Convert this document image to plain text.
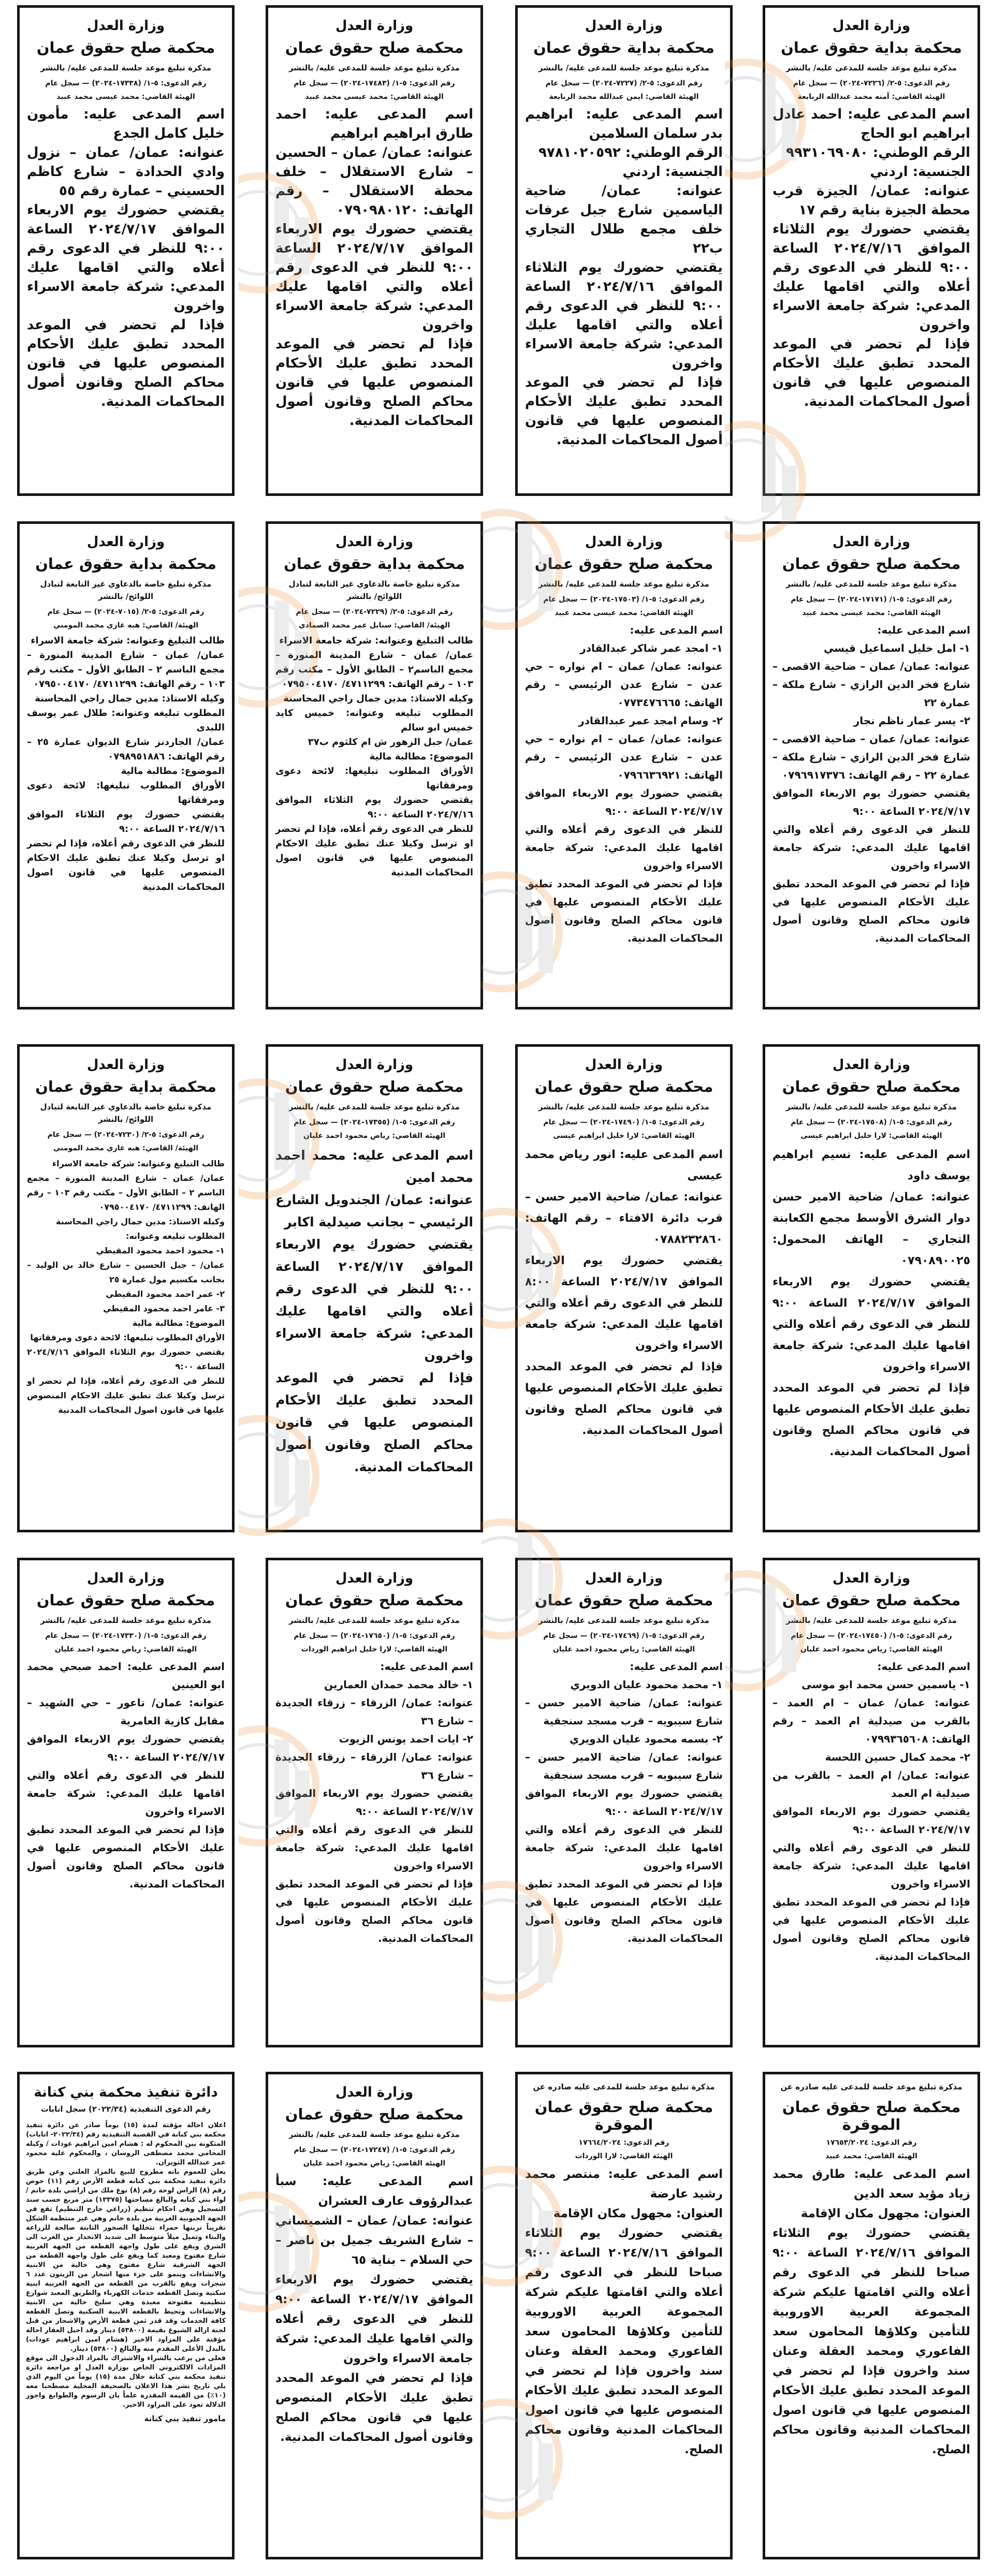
وزارة العدل
محكمة بداية حقوق عمان
مذكرة تبليغ موعد جلسة للمدعى عليه/ بالنشر
رقم الدعوى: ٥-٢/ (٧٢٢٦-٢٠٢٤) — سجل عام
الهيئة القاضي: آمنه محمد عبدالله الربابعة

اسم المدعى عليه: احمد عادل ابراهيم ابو الحاج

الرقم الوطني: ٩٩٣١٠٦٩٠٨٠

الجنسية: اردني

عنوانه: عمان/ الجيزة قرب محطة الجيزة بناية رقم ١٧

يقتضي حضورك يوم الثلاثاء الموافق ٢٠٢٤/٧/١٦ الساعة ٩:٠٠ للنظر في الدعوى رقم أعلاه والتي اقامها عليك المدعي: شركة جامعة الاسراء واخرون

فإذا لم تحضر في الموعد المحدد تطبق عليك الأحكام المنصوص عليها في قانون أصول المحاكمات المدنية.

وزارة العدل
محكمة بداية حقوق عمان
مذكرة تبليغ موعد جلسة للمدعى عليه/ بالنشر
رقم الدعوى: ٥-٢/ (٧٢٢٧-٢٠٢٤) — سجل عام
الهيئة القاضي: ايمن عبدالله محمد الربابعة

اسم المدعى عليه: ابراهيم بدر سلمان السلامين

الرقم الوطني: ٩٧٨١٠٢٠٥٩٢

الجنسية: اردني

عنوانه: عمان/ ضاحية الياسمين شارع جبل عرفات خلف مجمع طلال التجاري ب٢٢

يقتضي حضورك يوم الثلاثاء الموافق ٢٠٢٤/٧/١٦ الساعة ٩:٠٠ للنظر في الدعوى رقم أعلاه والتي اقامها عليك المدعي: شركة جامعة الاسراء واخرون

فإذا لم تحضر في الموعد المحدد تطبق عليك الأحكام المنصوص عليها في قانون أصول المحاكمات المدنية.

وزارة العدل
محكمة صلح حقوق عمان
مذكرة تبليغ موعد جلسة للمدعى عليه/ بالنشر
رقم الدعوى: ٥-١/ (١٧٤٨٣-٢٠٢٤) — سجل عام
الهيئة القاضي: محمد عيسى محمد عبيد

اسم المدعى عليه: احمد طارق ابراهيم ابراهيم

عنوانه: عمان/ عمان – الحسين – شارع الاستقلال – خلف محطة الاستقلال – رقم الهاتف: ٠٧٩٠٩٨٠١٢٠

يقتضي حضورك يوم الاربعاء الموافق ٢٠٢٤/٧/١٧ الساعة ٩:٠٠ للنظر في الدعوى رقم أعلاه والتي اقامها عليك المدعي: شركة جامعة الاسراء واخرون

فإذا لم تحضر في الموعد المحدد تطبق عليك الأحكام المنصوص عليها في قانون محاكم الصلح وقانون أصول المحاكمات المدنية.

وزارة العدل
محكمة صلح حقوق عمان
مذكرة تبليغ موعد جلسة للمدعى عليه/ بالنشر
رقم الدعوى: ٥-١/ (١٧٣٣٨-٢٠٢٤) — سجل عام
الهيئة القاضي: محمد عيسى محمد عبيد

اسم المدعى عليه: مأمون خليل كامل الجدع

عنوانه: عمان/ عمان – نزول وادي الحدادة – شارع كاظم الحسيني – عمارة رقم ٥٥

يقتضي حضورك يوم الاربعاء الموافق ٢٠٢٤/٧/١٧ الساعة ٩:٠٠ للنظر في الدعوى رقم أعلاه والتي اقامها عليك المدعي: شركة جامعة الاسراء واخرون

فإذا لم تحضر في الموعد المحدد تطبق عليك الأحكام المنصوص عليها في قانون محاكم الصلح وقانون أصول المحاكمات المدنية.

وزارة العدل
محكمة صلح حقوق عمان
مذكرة تبليغ موعد جلسة للمدعى عليه/ بالنشر
رقم الدعوى: ٥-١/ (١٧١٧١-٢٠٢٤) — سجل عام
الهيئة القاضي: محمد عيسى محمد عبيد

اسم المدعى عليه:

١- امل خليل اسماعيل قيسي

عنوانه: عمان/ عمان – ضاحية الاقصى – شارع فخر الدين الرازي – شارع ملكة – عمارة ٢٢

٢- يسر عمار ناظم نجار

عنوانه: عمان/ عمان – ضاحية الاقصى – شارع فخر الدين الرازي – شارع ملكة – عمارة ٢٢ – رقم الهاتف: ٠٧٩٦٩١٧٣٧٦

يقتضي حضورك يوم الاربعاء الموافق ٢٠٢٤/٧/١٧ الساعة ٩:٠٠

للنظر في الدعوى رقم أعلاه والتي اقامها عليك المدعي: شركة جامعة الاسراء واخرون

فإذا لم تحضر في الموعد المحدد تطبق عليك الأحكام المنصوص عليها في قانون محاكم الصلح وقانون أصول المحاكمات المدنية.

وزارة العدل
محكمة صلح حقوق عمان
مذكرة تبليغ موعد جلسة للمدعى عليه/ بالنشر
رقم الدعوى: ٥-١/ (١٧٥٠٣-٢٠٢٤) — سجل عام
الهيئة القاضي: محمد عيسى محمد عبيد

اسم المدعى عليه:

١- امجد عمر شاكر عبدالقادر

عنوانه: عمان/ عمان – ام نواره – حي عدن – شارع عدن الرئيسي – رقم الهاتف: ٠٧٧٣٤٧٦٦٦٥

٢- وسام امجد عمر عبدالقادر

عنوانه: عمان/ عمان – ام نواره – حي عدن – شارع عدن الرئيسي – رقم الهاتف: ٠٧٩٦٦٣٦٩٢١

يقتضي حضورك يوم الاربعاء الموافق ٢٠٢٤/٧/١٧ الساعة ٩:٠٠

للنظر في الدعوى رقم أعلاه والتي اقامها عليك المدعي: شركة جامعة الاسراء واخرون

فإذا لم تحضر في الموعد المحدد تطبق عليك الأحكام المنصوص عليها في قانون محاكم الصلح وقانون أصول المحاكمات المدنية.

وزارة العدل
محكمة بداية حقوق عمان
مذكرة تبليغ خاصة بالدعاوي غير التابعة لتبادل اللوائح/ بالنشر
رقم الدعوى: ٥-٢/ (٧٢٢٩-٢٠٢٤) — سجل عام
الهيئة/ القاضي: سنابل عمر محمد الصمادي

طالب التبليغ وعنوانه: شركة جامعة الاسراء

عمان/ عمان – شارع المدينة المنورة – مجمع الباسم٢ – الطابق الأول – مكتب رقم ١٠٣ – رقم الهاتف: ٤٧١١٢٩٩/ ٠٧٩٥٠٠٤١٧٠

وكيله الاستاذ: مدين جمال راجي المحاسنة

المطلوب تبليغه وعنوانه: خميس كايد خميس ابو سالم

عمان/ جبل الزهور ش ام كلثوم ب٣٧

الموضوع: مطالبة مالية

الأوراق المطلوب تبليغها: لائحة دعوى ومرفقاتها

يقتضي حضورك يوم الثلاثاء الموافق ٢٠٢٤/٧/١٦ الساعة ٩:٠٠

للنظر في الدعوى رقم أعلاه، فإذا لم تحضر او ترسل وكيلا عنك تطبق عليك الاحكام المنصوص عليها في قانون اصول المحاكمات المدنية

وزارة العدل
محكمة بداية حقوق عمان
مذكرة تبليغ خاصة بالدعاوي غير التابعة لتبادل اللوائح/ بالنشر
رقم الدعوى: ٥-٢/ (٧٠١٥-٢٠٢٤) — سجل عام
الهيئة/ القاضي: هبه غازي محمد المومني

طالب التبليغ وعنوانه: شركة جامعة الاسراء

عمان/ عمان – شارع المدينة المنورة – مجمع الباسم ٢ – الطابق الأول – مكتب رقم ١٠٣ – رقم الهاتف: ٤٧١١٢٩٩/ ٠٧٩٥٠٠٤١٧٠

وكيله الاستاذ: مدين جمال راجي المحاسنة

المطلوب تبليغه وعنوانه: طلال عمر يوسف اللبدى

عمان/ الجاردنز شارع الديوان عمارة ٢٥ – رقم الهاتف: ٠٧٩٨٩٥١٨٨٦

الموضوع: مطالبة مالية

الأوراق المطلوب تبليغها: لائحة دعوى ومرفقاتها

يقتضي حضورك يوم الثلاثاء الموافق ٢٠٢٤/٧/١٦ الساعة ٩:٠٠

للنظر في الدعوى رقم أعلاه، فإذا لم تحضر او ترسل وكيلا عنك تطبق عليك الاحكام المنصوص عليها في قانون اصول المحاكمات المدنية

وزارة العدل
محكمة صلح حقوق عمان
مذكرة تبليغ موعد جلسة للمدعى عليه/ بالنشر
رقم الدعوى: ٥-١/ (١٧٥٠٨-٢٠٢٤) — سجل عام
الهيئة القاضي: لارا خليل ابراهيم عيسى

اسم المدعى عليه: نسيم ابراهيم يوسف داود

عنوانه: عمان/ ضاحية الامير حسن دوار الشرق الأوسط مجمع الكعابنة التجاري – الهاتف المحمول: ٠٧٩٠٨٩٠٠٢٥

يقتضي حضورك يوم الاربعاء الموافق ٢٠٢٤/٧/١٧ الساعة ٩:٠٠ للنظر في الدعوى رقم أعلاه والتي اقامها عليك المدعي: شركة جامعة الاسراء واخرون

فإذا لم تحضر في الموعد المحدد تطبق عليك الأحكام المنصوص عليها في قانون محاكم الصلح وقانون أصول المحاكمات المدنية.

وزارة العدل
محكمة صلح حقوق عمان
مذكرة تبليغ موعد جلسة للمدعى عليه/ بالنشر
رقم الدعوى: ٥-١/ (١٧٤٩٠-٢٠٢٤) — سجل عام
الهيئة القاضي: لارا خليل ابراهيم عيسى

اسم المدعى عليه: انور رياض محمد عيسى

عنوانه: عمان/ ضاحية الامير حسن – قرب دائرة الافتاء – رقم الهاتف: ٠٧٨٨٢٣٢٨٦٠

يقتضي حضورك يوم الاربعاء الموافق ٢٠٢٤/٧/١٧ الساعة ٨:٠٠ للنظر في الدعوى رقم أعلاه والتي اقامها عليك المدعي: شركة جامعة الاسراء واخرون

فإذا لم تحضر في الموعد المحدد تطبق عليك الأحكام المنصوص عليها في قانون محاكم الصلح وقانون أصول المحاكمات المدنية.

وزارة العدل
محكمة صلح حقوق عمان
مذكرة تبليغ موعد جلسة للمدعى عليه/ بالنشر
رقم الدعوى: ٥-١/ (١٧٣٥٥-٢٠٢٤) — سجل عام
الهيئة القاضي: رياض محمود احمد عليان

اسم المدعى عليه: محمد احمد محمد امين

عنوانه: عمان/ الجندويل الشارع الرئيسي – بجانب صيدلية اكابر

يقتضي حضورك يوم الاربعاء الموافق ٢٠٢٤/٧/١٧ الساعة ٩:٠٠ للنظر في الدعوى رقم أعلاه والتي اقامها عليك المدعي: شركة جامعة الاسراء واخرون

فإذا لم تحضر في الموعد المحدد تطبق عليك الأحكام المنصوص عليها في قانون محاكم الصلح وقانون أصول المحاكمات المدنية.

وزارة العدل
محكمة بداية حقوق عمان
مذكرة تبليغ خاصة بالدعاوي غير التابعة لتبادل اللوائح/ بالنشر
رقم الدعوى: ٥-٢/ (٧٢٣٠-٢٠٢٤) — سجل عام
الهيئة/ القاضي: هبه غازي محمد المومني

طالب التبليغ وعنوانه: شركة جامعة الاسراء

عمان/ عمان – شارع المدينة المنورة – مجمع الباسم ٢ – الطابق الأول – مكتب رقم ١٠٣ – رقم الهاتف: ٤٧١١٢٩٩/ ٠٧٩٥٠٠٤١٧٠

وكيله الاستاذ: مدين جمال راجي المحاسنة

المطلوب تبليغه وعنوانه:

١- محمود احمد محمود المقيطي

عمان/ – جبل الحسين – شارع خالد بن الوليد – بجانب مكسيم مول عمارة ٢٥

٢- عمر احمد محمود المقيطي

٣- عامر احمد محمود المقيطي

الموضوع: مطالبة مالية

الأوراق المطلوب تبليغها: لائحة دعوى ومرفقاتها

يقتضي حضورك يوم الثلاثاء الموافق ٢٠٢٤/٧/١٦ الساعة ٩:٠٠

للنظر في الدعوى رقم أعلاه، فإذا لم تحضر او ترسل وكيلا عنك تطبق عليك الاحكام المنصوص عليها في قانون اصول المحاكمات المدنية

وزارة العدل
محكمة صلح حقوق عمان
مذكرة تبليغ موعد جلسة للمدعى عليه/ بالنشر
رقم الدعوى: ٥-١/ (١٧٤٥٠-٢٠٢٤) — سجل عام
الهيئة القاضي: رياض محمود احمد عليان

اسم المدعى عليه:

١- ياسمين حسن محمد ابو موسى

عنوانه: عمان/ عمان – ام العمد – بالقرب من صيدلية ام العمد – رقم الهاتف: ٠٧٩٩٣٦٥٦٠٨

٢- محمد كمال حسين اللحسة

عنوانه: عمان/ ام العمد – بالقرب من صيدلية ام العمد

يقتضي حضورك يوم الاربعاء الموافق ٢٠٢٤/٧/١٧ الساعة ٩:٠٠

للنظر في الدعوى رقم أعلاه والتي اقامها عليك المدعي: شركة جامعة الاسراء واخرون

فإذا لم تحضر في الموعد المحدد تطبق عليك الأحكام المنصوص عليها في قانون محاكم الصلح وقانون أصول المحاكمات المدنية.

وزارة العدل
محكمة صلح حقوق عمان
مذكرة تبليغ موعد جلسة للمدعى عليه/ بالنشر
رقم الدعوى: ٥-١/ (١٧٤٦٩-٢٠٢٤) — سجل عام
الهيئة القاضي: رياض محمود احمد عليان

اسم المدعى عليه:

١- محمد محمود عليان الدويري

عنوانه: عمان/ ضاحية الامير حسن – شارع سيبويه – قرب مسجد سنجقية

٢- بسمه محمود عليان الدويري

عنوانه: عمان/ ضاحية الامير حسن – شارع سيبويه – قرب مسجد سنجقية

يقتضي حضورك يوم الاربعاء الموافق ٢٠٢٤/٧/١٧ الساعة ٩:٠٠

للنظر في الدعوى رقم أعلاه والتي اقامها عليك المدعي: شركة جامعة الاسراء واخرون

فإذا لم تحضر في الموعد المحدد تطبق عليك الأحكام المنصوص عليها في قانون محاكم الصلح وقانون أصول المحاكمات المدنية.

وزارة العدل
محكمة صلح حقوق عمان
مذكرة تبليغ موعد جلسة للمدعى عليه/ بالنشر
رقم الدعوى: ٥-١/ (١٧٦٥٠-٢٠٢٤) — سجل عام
الهيئة القاضي: لارا خليل ابراهيم الوردات

اسم المدعى عليه:

١- خالد محمد حمدان العمارين

عنوانه: عمان/ الزرقاء – زرقاء الجديدة – شارع ٣٦

٢- ايات احمد يونس الزيوت

عنوانه: عمان/ الزرقاء – زرقاء الجديدة – شارع ٣٦

يقتضي حضورك يوم الاربعاء الموافق ٢٠٢٤/٧/١٧ الساعة ٩:٠٠

للنظر في الدعوى رقم أعلاه والتي اقامها عليك المدعي: شركة جامعة الاسراء واخرون

فإذا لم تحضر في الموعد المحدد تطبق عليك الأحكام المنصوص عليها في قانون محاكم الصلح وقانون أصول المحاكمات المدنية.

وزارة العدل
محكمة صلح حقوق عمان
مذكرة تبليغ موعد جلسة للمدعى عليه/ بالنشر
رقم الدعوى: ٥-١/ (١٧٣٣٠-٢٠٢٤) — سجل عام
الهيئة القاضي: رياض محمود احمد عليان

اسم المدعى عليه: احمد صبحي محمد ابو العينين

عنوانه: عمان/ تاعور – حي الشهيد – مقابل كازية العامرية

يقتضي حضورك يوم الاربعاء الموافق ٢٠٢٤/٧/١٧ الساعة ٩:٠٠

للنظر في الدعوى رقم أعلاه والتي اقامها عليك المدعي: شركة جامعة الاسراء واخرون

فإذا لم تحضر في الموعد المحدد تطبق عليك الأحكام المنصوص عليها في قانون محاكم الصلح وقانون أصول المحاكمات المدنية.

مذكرة تبليغ موعد جلسة للمدعى عليه صادره عن
محكمة صلح حقوق عمان الموقرة
رقم الدعوى: ١٧٦٥٣/٢٠٢٤
الهيئة القاضي: محمد عبيد

اسم المدعى عليه: طارق محمد زياد مؤيد سعد الدين

العنوان: مجهول مكان الإقامة

يقتضي حضورك يوم الثلاثاء الموافق ٢٠٢٤/٧/١٦ الساعة ٩:٠٠ صباحا للنظر في الدعوى رقم أعلاه والتي اقامتها عليكم شركة المجموعة العربية الاوروبية للتأمين وكلاؤها المحامون سعد الفاعوري ومحمد العقلة وعنان سند واخرون فإذا لم تحضر في الموعد المحدد تطبق عليك الأحكام المنصوص عليها في قانون اصول المحاكمات المدنية وقانون محاكم الصلح.

مذكرة تبليغ موعد جلسة للمدعى عليه صادره عن
محكمة صلح حقوق عمان الموقرة
رقم الدعوى: ١٧٦٦٤/٢٠٢٤
الهيئة القاضي: لارا الوردات

اسم المدعى عليه: منتصر محمد رشيد عارضة

العنوان: مجهول مكان الإقامة

يقتضي حضورك يوم الثلاثاء الموافق ٢٠٢٤/٧/١٦ الساعة ٩:٠٠ صباحا للنظر في الدعوى رقم أعلاه والتي اقامتها عليكم شركة المجموعة العربية الاوروبية للتأمين وكلاؤها المحامون سعد الفاعوري ومحمد العقلة وعنان سند واخرون فإذا لم تحضر في الموعد المحدد تطبق عليك الأحكام المنصوص عليها في قانون اصول المحاكمات المدنية وقانون محاكم الصلح.

وزارة العدل
محكمة صلح حقوق عمان
مذكرة تبليغ موعد جلسة للمدعى عليه/ بالنشر
رقم الدعوى: ٥-١/ (١٧٢٤٧-٢٠٢٤) — سجل عام
الهيئة القاضي: رياض محمود احمد عليان

اسم المدعى عليه: سبأ عبدالرؤوف عارف العشران

عنوانه: عمان/ عمان – الشميساني – شارع الشريف جميل بن ناصر – حي السلام – بناية ٦٥

يقتضي حضورك يوم الاربعاء الموافق ٢٠٢٤/٧/١٧ الساعة ٩:٠٠ للنظر في الدعوى رقم أعلاه والتي اقامها عليك المدعي: شركة جامعة الاسراء واخرون

فإذا لم تحضر في الموعد المحدد تطبق عليك الأحكام المنصوص عليها في قانون محاكم الصلح وقانون أصول المحاكمات المدنية.

دائرة تنفيذ محكمة بني كنانة
رقم الدعوى التنفيذية (٢٠٢٢/٣٤) سجل انابات

اعلان احالة مؤقتة لمدة (١٥) يوماً صادر عن دائرة تنفيذ محكمة بني كنانة في القضية التنفيذية رقم (٢٠٢٢/٣٤- انابات)

المتكونة بين المحكوم له : هشام امين ابراهيم عودات / وكيله المحامي محمد مصطفى الروسان ، والمحكوم عليه محمود عمر عبدالله الثويران.

يعلن للعموم بانه مطروح للبيع بالمزاد العلني وعن طريق دائرة تنفيذ محكمة بني كنانه قطعة الأرض رقم (١١) حوض رقم (٨) الراس لوحة رقم (٨) نوع ملك من اراضي بلدة حاتم / لواء بني كنانه والبالغ مساحتها (١٣٣٧٥) متر مربع حسب سند التسجيل وهي احكام تنظيم (زراعي خارج التنظيم) تقع في الجهة الجنوبية الغربية من بلدة حاتم وهي غير منتظمة الشكل تقريباً تربتها حمراء تتخللها الصخور الثابتة صالحة للزراعة والبناء وتميل ميلاً متوسط الى شديد الانحدار من الغرب الى الشرق ويقع على طول واجهة القطعة من الجهة الغربية شارع مفتوح ومعبد كما ويقع على طول واجهة القطعة من الجهة الشرقية شارع مفتوح وهي خالية من الابنية والانشاءات وينمو على جزء منها اشجار من الزيتون عدد ٦ شجرات ويقع بالقرب من القطعة من الجهة الغربية ابنية سكنية وتصل القطعة خدمات الكهرباء والطريق المعبد شوارع تنظيمية مفتوحة معبدة وهي سليخ خالية من الابنية والانشاءات وتحيط بالقطعة الابنية السكنية وتصل القطعة كافة الخدمات وقد قدر ثمن قطعة الأرض والاشجار من قبل لجنة ازالة الشيوع بقيمة (٥٣٨٠٠) دينار وقد احيل العقار احالة مؤقتة على المزاود الاخير (هشام امين ابراهيم عودات) بالبدل الأعلى المقدم منه والبالغ (٥٣٨٠٠) دينار.

فعلى من يرغب بالشراء والاشتراك بالمزاد الدخول الى موقع المزادات الالكتروني الخاص بوزارة العدل او مراجعة دائرة تنفيذ محكمة بني كنانة خلال مدة (١٥) يوماً من اليوم الذي يلي تاريخ نشر هذا الاعلان بالصحيفة المحلية مصطحبا معه (١٠٪) من القيمة المقدرة علماً بان الرسوم والطوابع واجور الدلالة تعود على المزاود الاخير.

مامور تنفيذ بني كنانة
